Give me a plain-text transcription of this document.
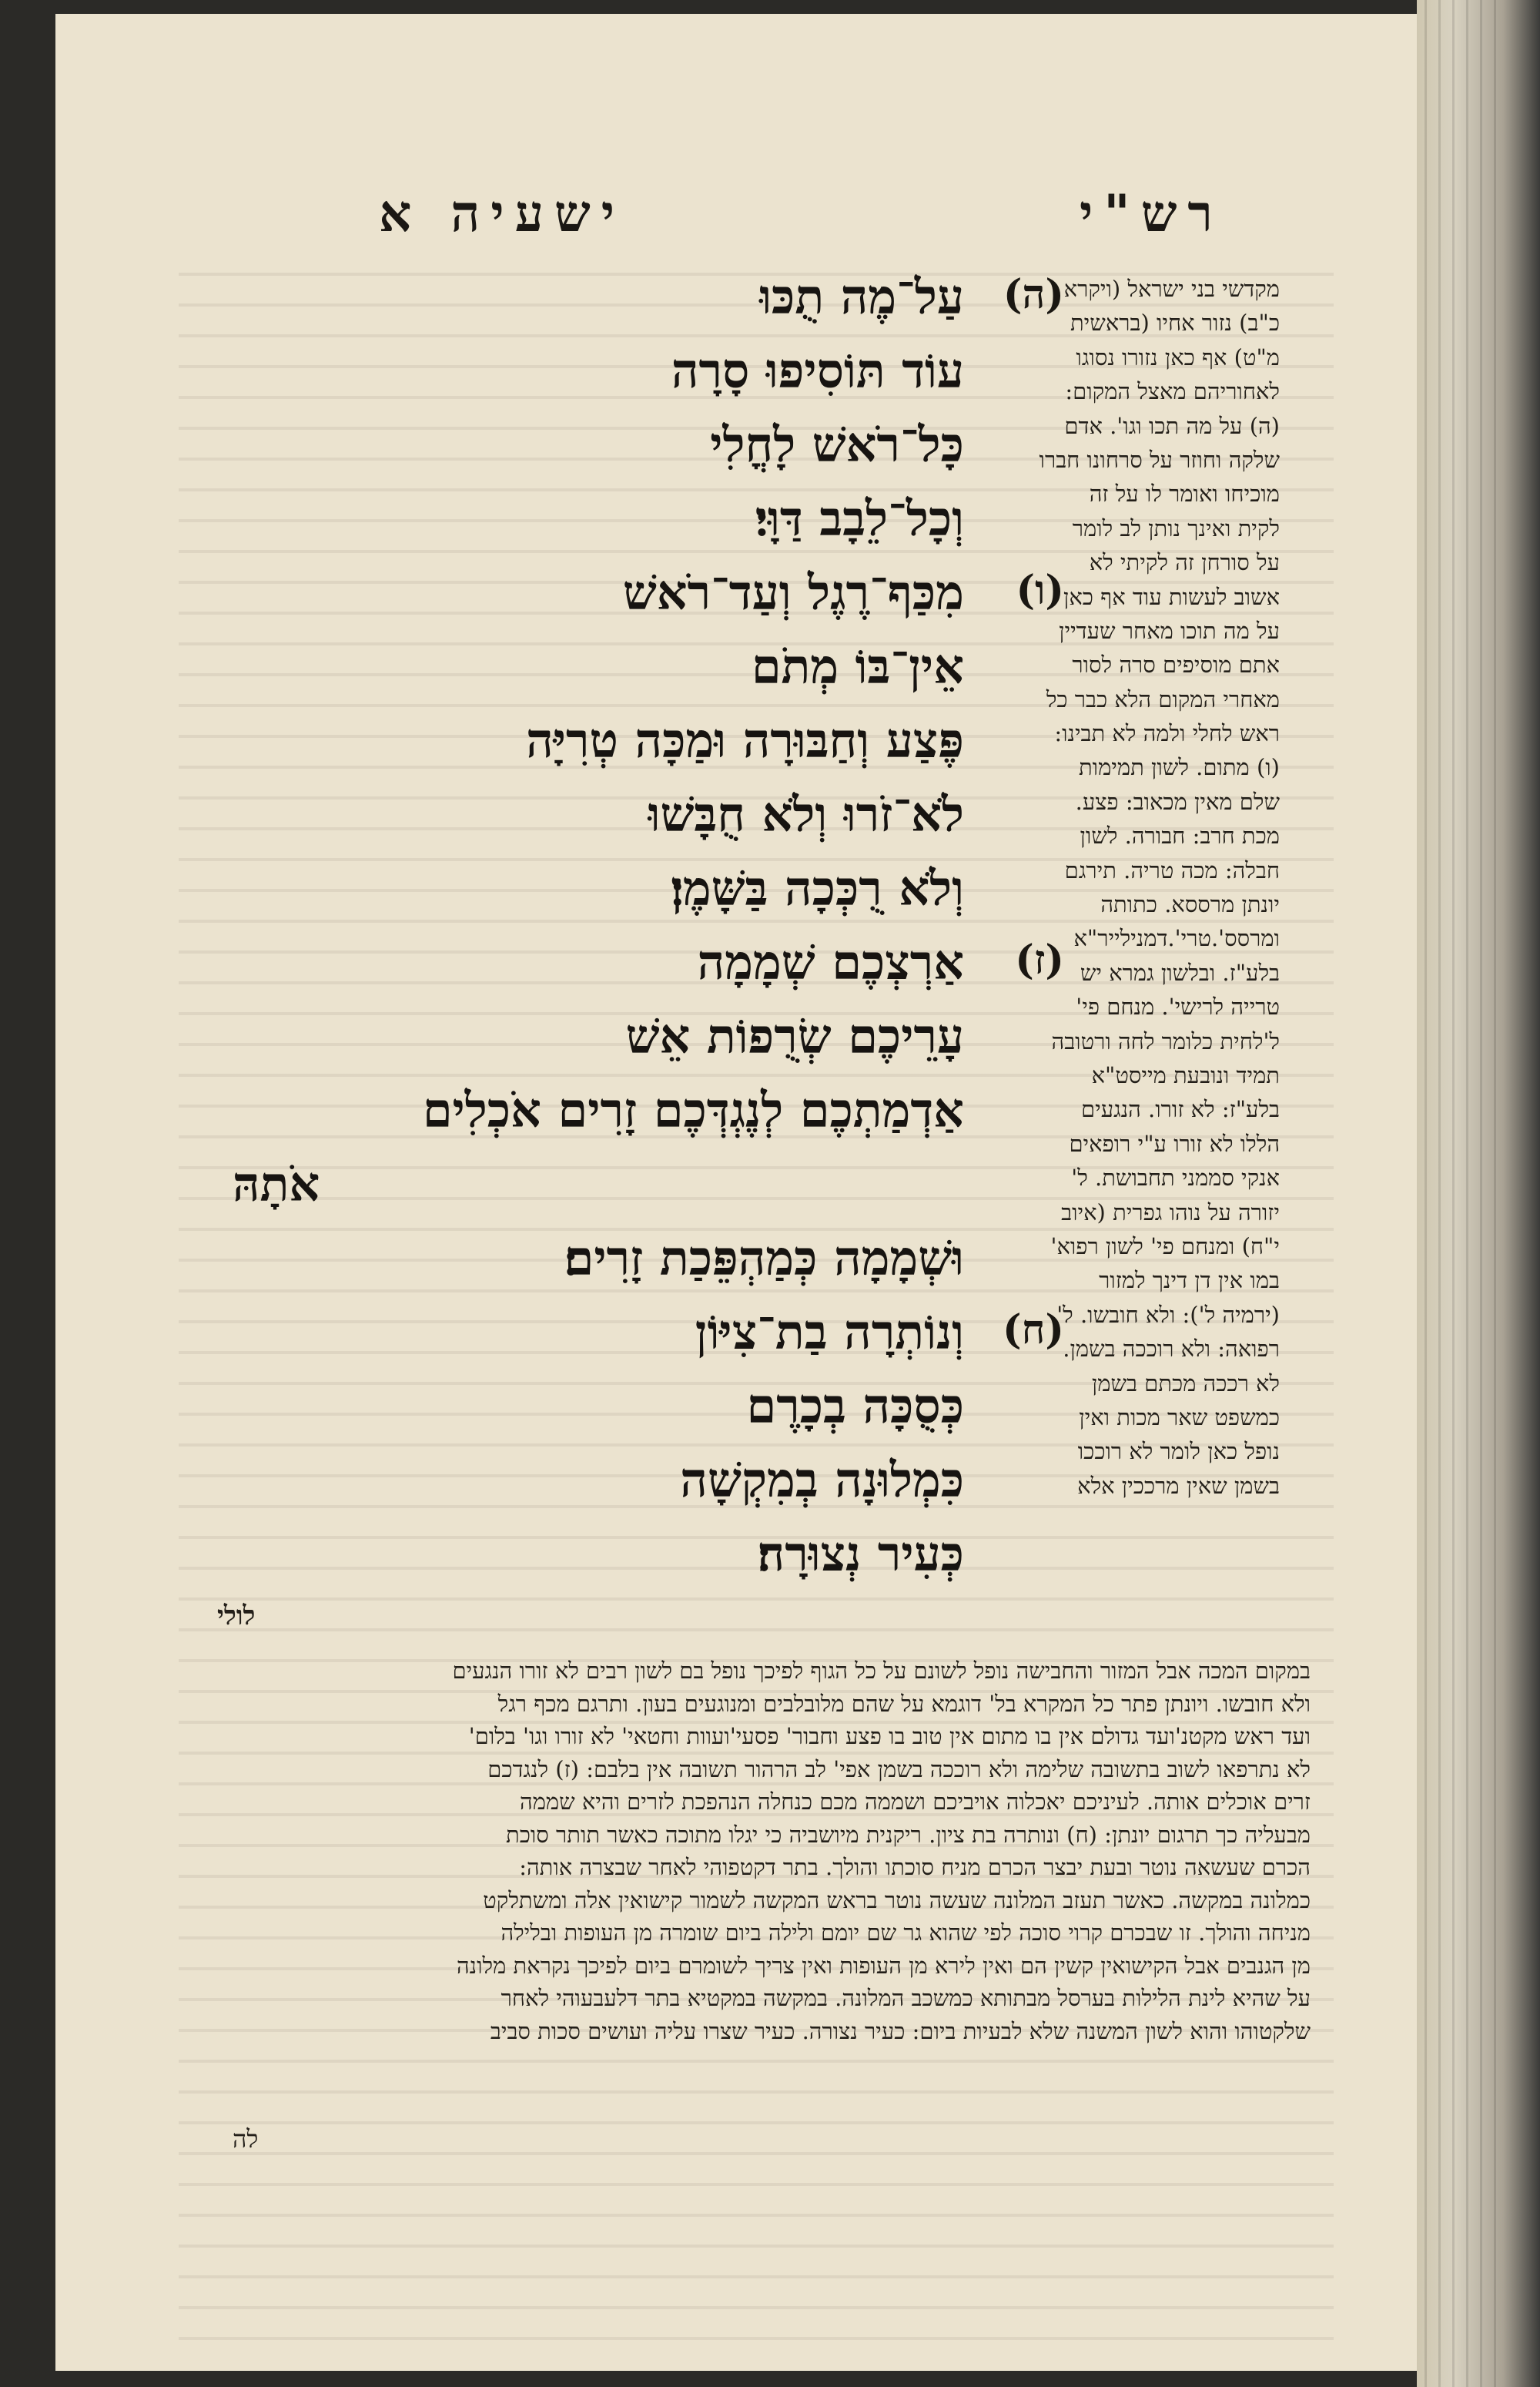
ישעיה א	רש"י
עַל־מֶה תֻכּוּ (ה)
עוֹד תּוֹסִיפוּ סָרָה
כָּל־רֹאשׁ לָחֳלִי
וְכָל־לֵבָב דַּוָּי׃
מִכַּף־רֶגֶל וְעַד־רֹאשׁ (ו)
אֵין־בּוֹ מְתֹם
פֶּצַע וְחַבּוּרָה וּמַכָּה טְרִיָּה
לֹא־זֹרוּ וְלֹא חֻבָּשׁוּ
וְלֹא רֻכְּכָה בַּשָּׁמֶן׃
אַרְצְכֶם שְׁמָמָה (ז)
עָרֵיכֶם שְׂרֻפוֹת אֵשׁ
אַדְמַתְכֶם לְנֶגְדְּכֶם זָרִים אֹכְלִים
אֹתָהּ
וּשְׁמָמָה כְּמַהְפֵּכַת זָרִים׃
וְנוֹתְרָה בַת־צִיּוֹן (ח)
כְּסֻכָּה בְכָרֶם
כִּמְלוּנָה בְמִקְשָׁה
כְּעִיר נְצוּרָה׃
מקדשי בני ישראל (ויקרא
כ"ב) נזור אחיו (בראשית
מ"ט) אף כאן נזורו נסוגו
לאחוריהם מאצל המקום:
(ה) על מה תכו וגו'. אדם
שלקה וחוזר על סרחונו חברו
מוכיחו ואומר לו על זה
לקית ואינך נותן לב לומר
על סורחן זה לקיתי לא
אשוב לעשות עוד אף כאן
על מה תוכו מאחר שעדיין
אתם מוסיפים סרה לסור
מאחרי המקום הלא כבר כל
ראש לחלי ולמה לא תבינו:
(ו) מתום. לשון תמימות
שלם מאין מכאוב: פצע.
מכת חרב: חבורה. לשון
חבלה: מכה טריה. תירגם
יונתן מרססא. כתותה
ומרסס'.טרי'.דמנילייר"א
בלע"ז. ובלשון גמרא יש
טרייה לרישי'. מנחם פי'
ל'לחית כלומר לחה ורטובה
תמיד ונובעת מייסט"א
בלע"ז: לא זורו. הנגעים
הללו לא זורו ע"י רופאים
אנקי סממני תחבושת. ל'
יזורה על נוהו גפרית (איוב
י"ח) ומנחם פי' לשון רפוא'
במו אין דן דינך למזור
(ירמיה ל'): ולא חובשו. ל'
רפואה: ולא רוככה בשמן.
לא רככה מכתם בשמן
כמשפט שאר מכות ואין
נופל כאן לומר לא רוככו
בשמן שאין מרככין אלא
לולי
במקום המכה אבל המזור והחבישה נופל לשונם על כל הגוף לפיכך נופל בם לשון רבים לא זורו הנגעים
ולא חובשו. ויונתן פתר כל המקרא בל' דוגמא על שהם מלובלבים ומנוגעים בעון. ותרגם מכף רגל
ועד ראש מקטנ'ועד גדולם אין בו מתום אין טוב בו פצע וחבור' פסעי'ועוות וחטאי' לא זורו וגו' בלום'
לא נתרפאו לשוב בתשובה שלימה ולא רוככה בשמן אפי' לב הרהור תשובה אין בלבם: (ז) לנגדכם
זרים אוכלים אותה. לעיניכם יאכלוה אויביכם ושממה מכם כנחלה הנהפכת לזרים והיא שממה
מבעליה כך תרגום יונתן: (ח) ונותרה בת ציון. ריקנית מיושביה כי יגלו מתוכה כאשר תותר סוכת
הכרם שעשאה נוטר ובעת יבצר הכרם מניח סוכתו והולך. בתר דקטפוהי לאחר שבצרה אותה:
כמלונה במקשה. כאשר תעזב המלונה שעשה נוטר בראש המקשה לשמור קישואין אלה ומשתלקט
מניחה והולך. זו שבכרם קרוי סוכה לפי שהוא גר שם יומם ולילה ביום שומרה מן העופות ובלילה
מן הגנבים אבל הקישואין קשין הם ואין לירא מן העופות ואין צריך לשומרם ביום לפיכך נקראת מלונה
על שהיא לינת הלילות בערסל מבתותא כמשכב המלונה. במקשה במקטיא בתר דלעבעוהי לאחר
שלקטוהו והוא לשון המשנה שלא לבעיות ביום: כעיר נצורה. כעיר שצרו עליה ועושים סכות סביב
לה
